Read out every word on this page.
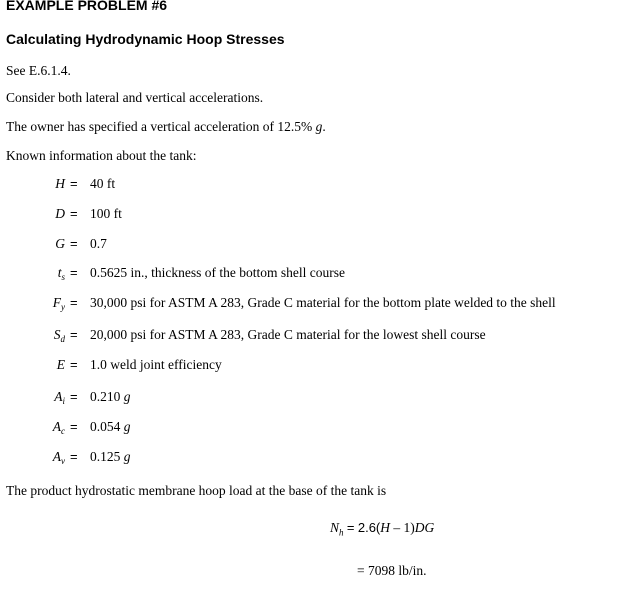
EXAMPLE PROBLEM #6
Calculating Hydrodynamic Hoop Stresses
See E.6.1.4.
Consider both lateral and vertical accelerations.
The owner has specified a vertical acceleration of 12.5% g.
Known information about the tank:
H = 40 ft
D = 100 ft
G = 0.7
$t_s = 0.5625$ in., thickness of the bottom shell course
$F_y = 30,000$ psi for ASTM A 283, Grade C material for the bottom plate welded to the shell
$S_d = 20,000$ psi for ASTM A 283, Grade C material for the lowest shell course
E = 1.0 weld joint efficiency
$A_i = 0.210$ g
$A_c = 0.054$ g
$A_v = 0.125$ g
The product hydrostatic membrane hoop load at the base of the tank is
$N_h = 2.6(H - 1)DG$
= 7098 lb/in.
